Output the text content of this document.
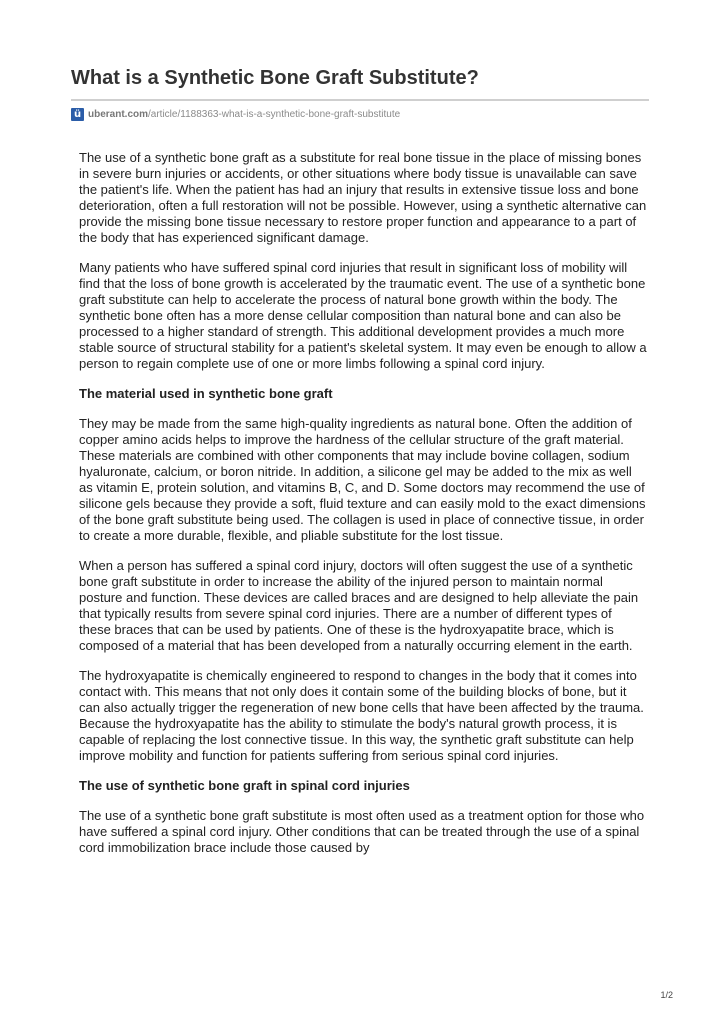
What is a Synthetic Bone Graft Substitute?
ü uberant.com/article/1188363-what-is-a-synthetic-bone-graft-substitute

The use of a synthetic bone graft as a substitute for real bone tissue in the place of missing bones in severe burn injuries or accidents, or other situations where body tissue is unavailable can save the patient's life. When the patient has had an injury that results in extensive tissue loss and bone deterioration, often a full restoration will not be possible. However, using a synthetic alternative can provide the missing bone tissue necessary to restore proper function and appearance to a part of the body that has experienced significant damage.

Many patients who have suffered spinal cord injuries that result in significant loss of mobility will find that the loss of bone growth is accelerated by the traumatic event. The use of a synthetic bone graft substitute can help to accelerate the process of natural bone growth within the body. The synthetic bone often has a more dense cellular composition than natural bone and can also be processed to a higher standard of strength. This additional development provides a much more stable source of structural stability for a patient's skeletal system. It may even be enough to allow a person to regain complete use of one or more limbs following a spinal cord injury.

The material used in synthetic bone graft

They may be made from the same high-quality ingredients as natural bone. Often the addition of copper amino acids helps to improve the hardness of the cellular structure of the graft material. These materials are combined with other components that may include bovine collagen, sodium hyaluronate, calcium, or boron nitride. In addition, a silicone gel may be added to the mix as well as vitamin E, protein solution, and vitamins B, C, and D. Some doctors may recommend the use of silicone gels because they provide a soft, fluid texture and can easily mold to the exact dimensions of the bone graft substitute being used. The collagen is used in place of connective tissue, in order to create a more durable, flexible, and pliable substitute for the lost tissue.

When a person has suffered a spinal cord injury, doctors will often suggest the use of a synthetic bone graft substitute in order to increase the ability of the injured person to maintain normal posture and function. These devices are called braces and are designed to help alleviate the pain that typically results from severe spinal cord injuries. There are a number of different types of these braces that can be used by patients. One of these is the hydroxyapatite brace, which is composed of a material that has been developed from a naturally occurring element in the earth.

The hydroxyapatite is chemically engineered to respond to changes in the body that it comes into contact with. This means that not only does it contain some of the building blocks of bone, but it can also actually trigger the regeneration of new bone cells that have been affected by the trauma. Because the hydroxyapatite has the ability to stimulate the body's natural growth process, it is capable of replacing the lost connective tissue. In this way, the synthetic graft substitute can help improve mobility and function for patients suffering from serious spinal cord injuries.

The use of synthetic bone graft in spinal cord injuries

The use of a synthetic bone graft substitute is most often used as a treatment option for those who have suffered a spinal cord injury. Other conditions that can be treated through the use of a spinal cord immobilization brace include those caused by

1/2
